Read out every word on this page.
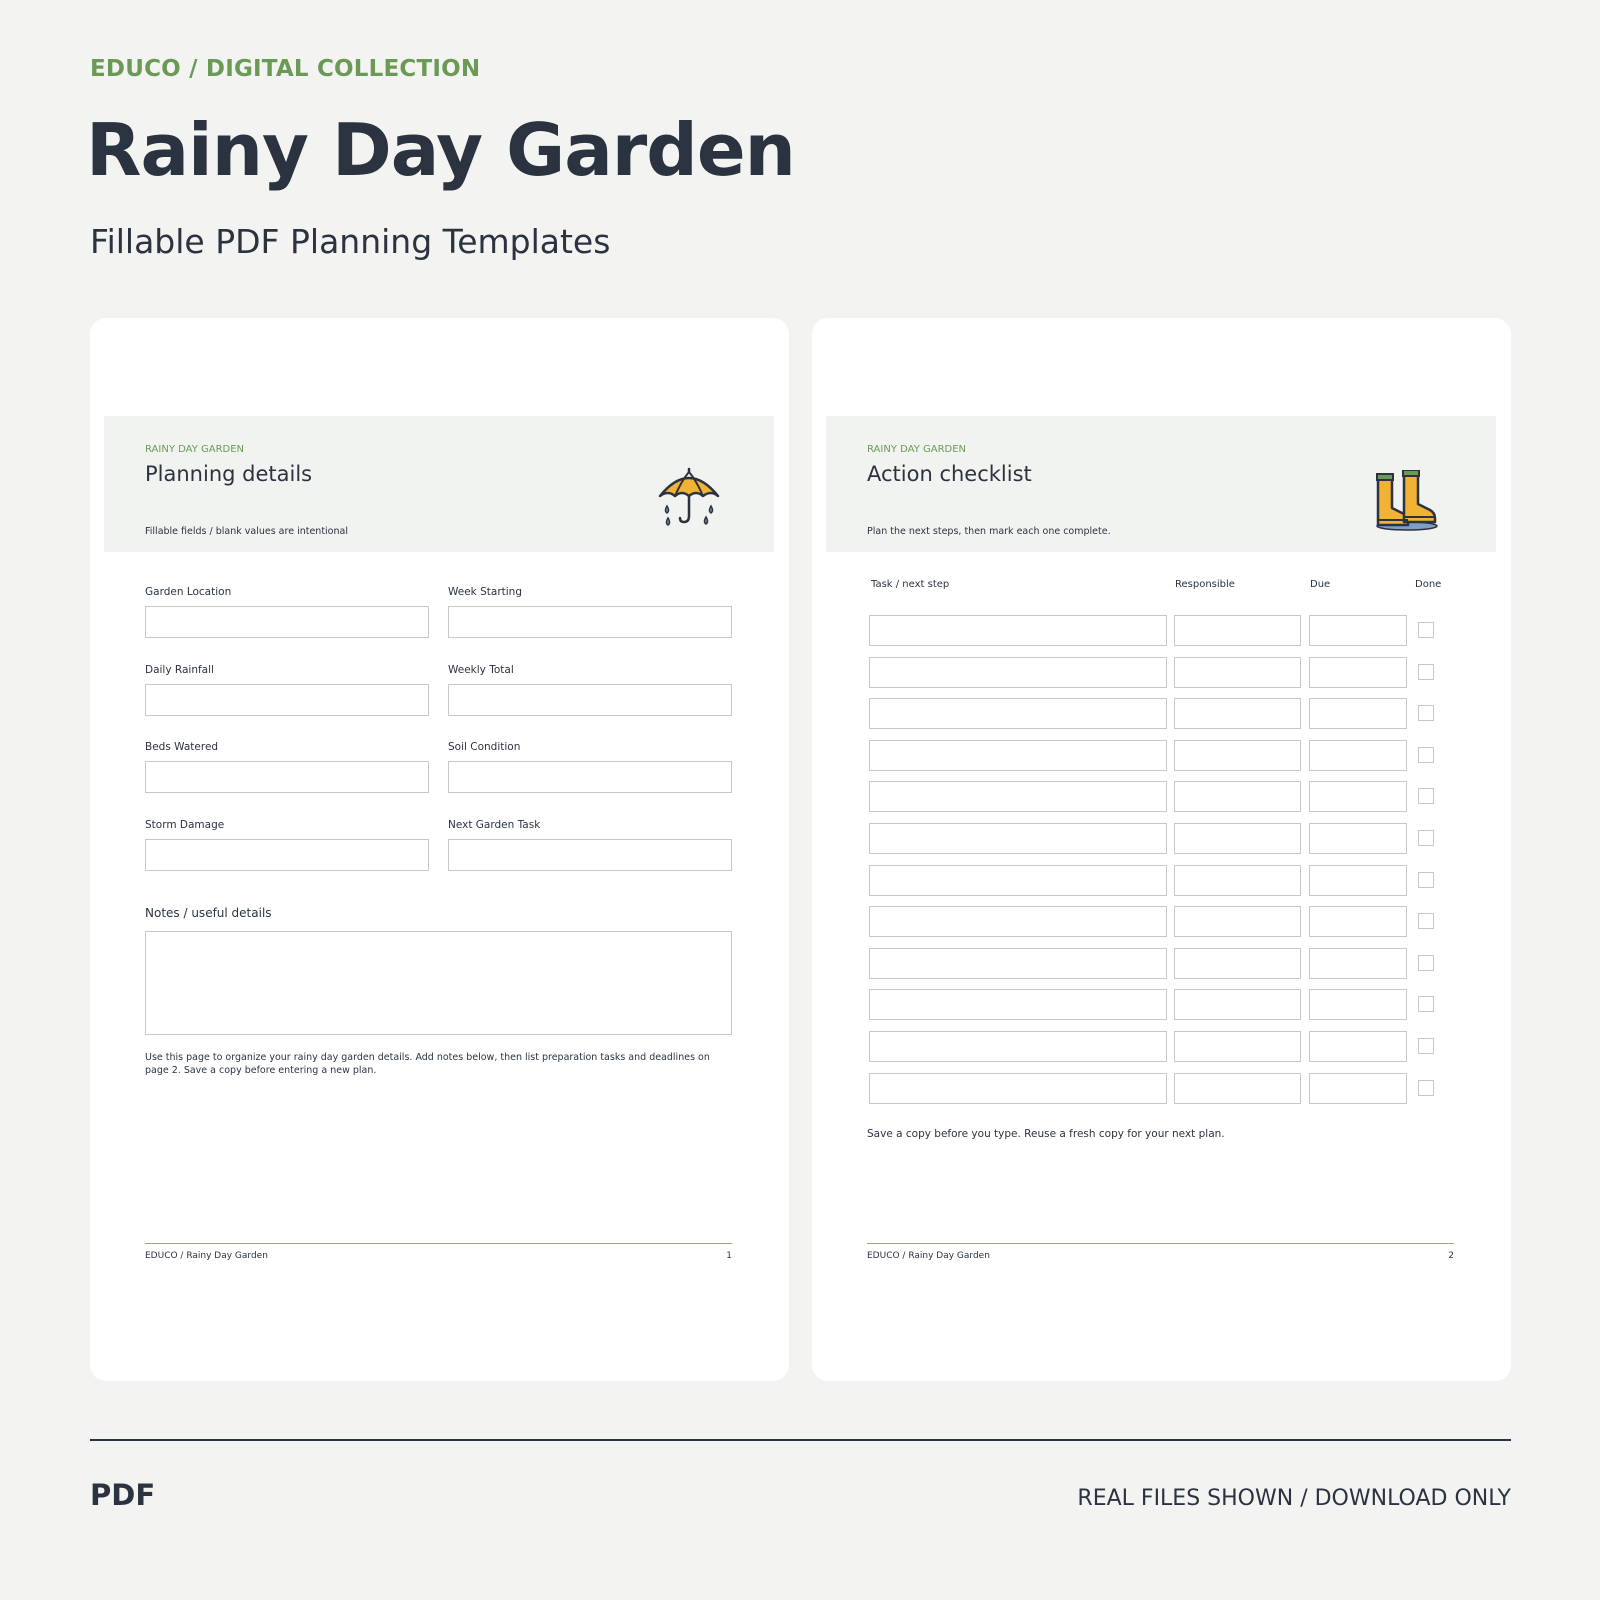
EDUCO / DIGITAL COLLECTION
Rainy Day Garden
Fillable PDF Planning Templates
RAINY DAY GARDEN
Planning details
Fillable fields / blank values are intentional
Garden Location	Week Starting
Daily Rainfall	Weekly Total
Beds Watered	Soil Condition
Storm Damage	Next Garden Task
Notes / useful details
Use this page to organize your rainy day garden details. Add notes below, then list preparation tasks and deadlines on page 2. Save a copy before entering a new plan.
EDUCO / Rainy Day Garden	1
RAINY DAY GARDEN
Action checklist
Plan the next steps, then mark each one complete.
Task / next step	Responsible	Due	Done
Save a copy before you type. Reuse a fresh copy for your next plan.
EDUCO / Rainy Day Garden	2
PDF	REAL FILES SHOWN / DOWNLOAD ONLY
